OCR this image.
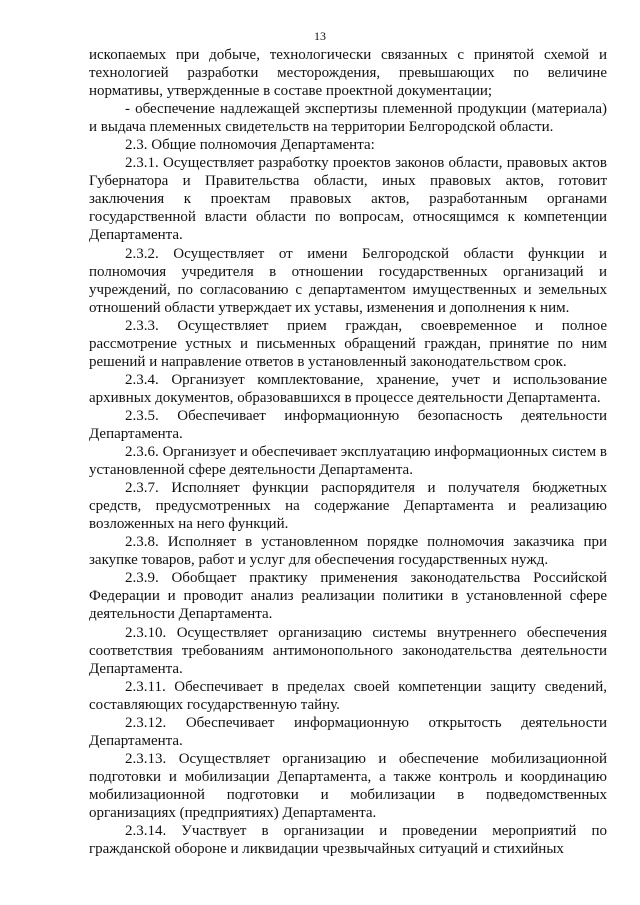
13

ископаемых при добыче, технологически связанных с принятой схемой и технологией разработки месторождения, превышающих по величине нормативы, утвержденные в составе проектной документации;

- обеспечение надлежащей экспертизы племенной продукции (материала) и выдача племенных свидетельств на территории Белгородской области.

2.3. Общие полномочия Департамента:

2.3.1. Осуществляет разработку проектов законов области, правовых актов Губернатора и Правительства области, иных правовых актов, готовит заключения к проектам правовых актов, разработанным органами государственной власти области по вопросам, относящимся к компетенции Департамента.

2.3.2. Осуществляет от имени Белгородской области функции и полномочия учредителя в отношении государственных организаций и учреждений, по согласованию с департаментом имущественных и земельных отношений области утверждает их уставы, изменения и дополнения к ним.

2.3.3. Осуществляет прием граждан, своевременное и полное рассмотрение устных и письменных обращений граждан, принятие по ним решений и направление ответов в установленный законодательством срок.

2.3.4. Организует комплектование, хранение, учет и использование архивных документов, образовавшихся в процессе деятельности Департамента.

2.3.5. Обеспечивает информационную безопасность деятельности Департамента.

2.3.6. Организует и обеспечивает эксплуатацию информационных систем в установленной сфере деятельности Департамента.

2.3.7. Исполняет функции распорядителя и получателя бюджетных средств, предусмотренных на содержание Департамента и реализацию возложенных на него функций.

2.3.8. Исполняет в установленном порядке полномочия заказчика при закупке товаров, работ и услуг для обеспечения государственных нужд.

2.3.9. Обобщает практику применения законодательства Российской Федерации и проводит анализ реализации политики в установленной сфере деятельности Департамента.

2.3.10. Осуществляет организацию системы внутреннего обеспечения соответствия требованиям антимонопольного законодательства деятельности Департамента.

2.3.11. Обеспечивает в пределах своей компетенции защиту сведений, составляющих государственную тайну.

2.3.12. Обеспечивает информационную открытость деятельности Департамента.

2.3.13. Осуществляет организацию и обеспечение мобилизационной подготовки и мобилизации Департамента, а также контроль и координацию мобилизационной подготовки и мобилизации в подведомственных организациях (предприятиях) Департамента.

2.3.14. Участвует в организации и проведении мероприятий по гражданской обороне и ликвидации чрезвычайных ситуаций и стихийных
